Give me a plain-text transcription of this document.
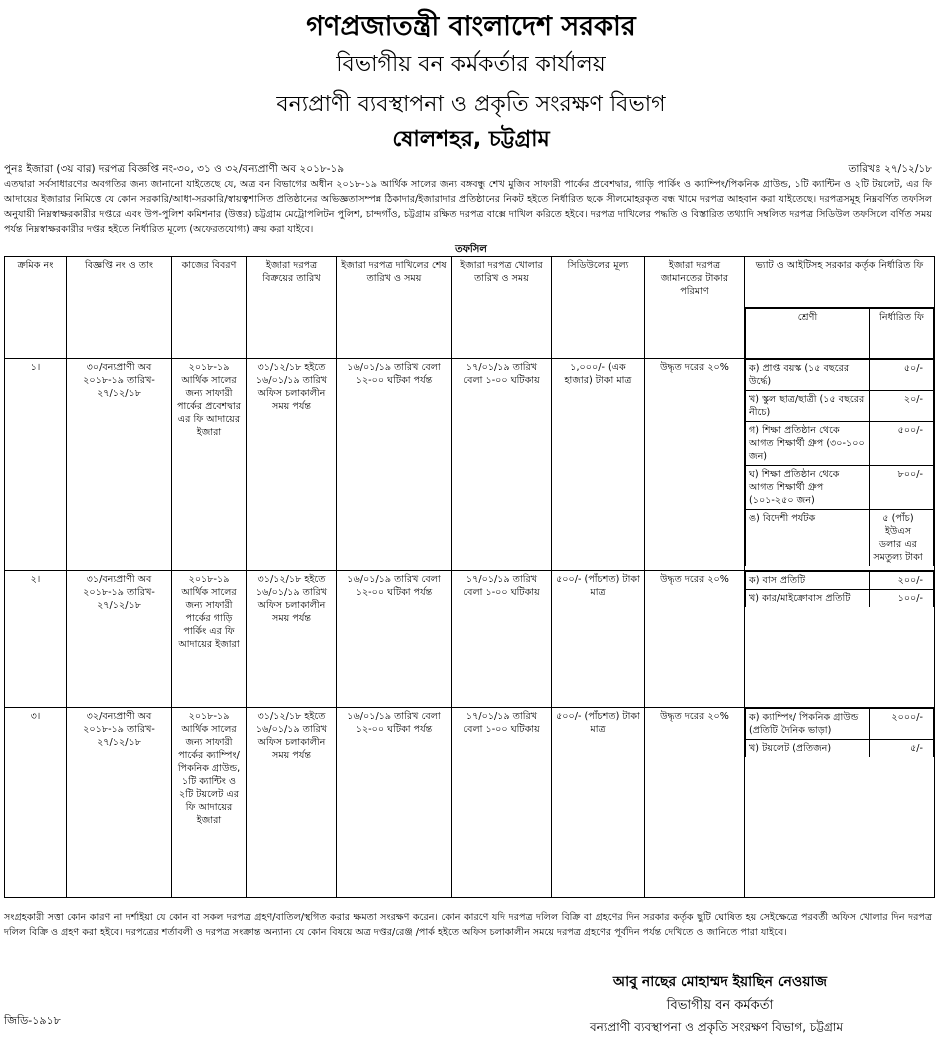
গণপ্রজাতন্ত্রী বাংলাদেশ সরকার
বিভাগীয় বন কর্মকর্তার কার্যালয়
বন্যপ্রাণী ব্যবস্থাপনা ও প্রকৃতি সংরক্ষণ বিভাগ
ষোলশহর, চট্টগ্রাম
পুনঃ ইজারা (৩য় বার) দরপত্র বিজ্ঞপ্তি নং-৩০, ৩১ ও ৩২/বন্যপ্রাণী অব ২০১৮-১৯	তারিখঃ ২৭/১২/১৮
এতদ্বারা সর্বসাধারণের অবগতির জন্য জানানো যাইতেছে যে, অত্র বন বিভাগের অধীন ২০১৮-১৯ আর্থিক সালের জন্য বঙ্গবন্ধু শেখ মুজিব সাফারী পার্কের প্রবেশদ্বার, গাড়ি পার্কিং ও ক্যাম্পিং/পিকনিক গ্রাউন্ড, ১টি ক্যান্টিন ও ২টি টয়লেট, এর ফি আদায়ের ইজারার নিমিত্তে যে কোন সরকারি/আধা-সরকারি/স্বায়ত্বশাসিত প্রতিষ্ঠানের অভিজ্ঞতাসম্পন্ন ঠিকাদার/ইজারাদার প্রতিষ্ঠানের নিকট হইতে নির্ধারিত ছকে সীলমোহরকৃত বন্ধ খামে দরপত্র আহবান করা যাইতেছে। দরপত্রসমূহ নিম্নবর্ণিত তফসিল অনুযায়ী নিম্নস্বাক্ষরকারীর দপ্তরে এবং উপ-পুলিশ কমিশনার (উত্তর) চট্টগ্রাম মেট্রোপলিটন পুলিশ, চান্দগাঁও, চট্টগ্রাম রক্ষিত দরপত্র বাক্সে দাখিল করিতে হইবে। দরপত্র দাখিলের পদ্ধতি ও বিস্তারিত তথ্যাদি সম্বলিত দরপত্র সিডিউল তফসিলে বর্ণিত সময় পর্যন্ত নিম্নস্বাক্ষরকারীর দপ্তর হইতে নির্ধারিত মূল্যে (অফেরতযোগ্য) ক্রয় করা যাইবে।
তফসিল
ক্রমিক নং	বিজ্ঞপ্তি নং ও তাং	কাজের বিবরণ	ইজারা দরপত্র বিক্রয়ের তারিখ	ইজারা দরপত্র দাখিলের শেষ তারিখ ও সময়	ইজারা দরপত্র খোলার তারিখ ও সময়	সিডিউলের মূল্য	ইজারা দরপত্র জামানতের টাকার পরিমাণ	ভ্যাট ও আইটিসহ সরকার কর্তৃক নির্ধারিত ফি

শ্রেণী	নির্ধারিত ফি

১।	৩০/বন্যপ্রাণী অব ২০১৮-১৯ তারিখ- ২৭/১২/১৮	২০১৮-১৯ আর্থিক সালের জন্য সাফারী পার্কের প্রবেশদ্বার এর ফি আদায়ের ইজারা	৩১/১২/১৮ হইতে ১৬/০১/১৯ তারিখ অফিস চলাকালীন সময় পর্যন্ত	১৬/০১/১৯ তারিখ বেলা ১২-০০ ঘটিকা পর্যন্ত	১৭/০১/১৯ তারিখ বেলা ১-০০ ঘটিকায়	১,০০০/- (এক হাজার) টাকা মাত্র	উদ্ধৃত দরের ২০%	ক) প্রাপ্ত বয়স্ক (১৫ বছরের উর্দ্ধে)	৫০/-
খ) স্কুল ছাত্র/ছাত্রী (১৫ বছরের নীচে)	২০/-
গ) শিক্ষা প্রতিষ্ঠান থেকে আগত শিক্ষার্থী গ্রুপ (৩০-১০০ জন)	৫০০/-
ঘ) শিক্ষা প্রতিষ্ঠান থেকে আগত শিক্ষার্থী গ্রুপ (১০১-২৫০ জন)	৮০০/-
ঙ) বিদেশী পর্যটক	৫ (পাঁচ) ইউএস ডলার এর সমতুল্য টাকা

২।	৩১/বন্যপ্রাণী অব ২০১৮-১৯ তারিখ- ২৭/১২/১৮	২০১৮-১৯ আর্থিক সালের জন্য সাফারী পার্কের গাড়ি পার্কিং এর ফি আদায়ের ইজারা	৩১/১২/১৮ হইতে ১৬/০১/১৯ তারিখ অফিস চলাকালীন সময় পর্যন্ত	১৬/০১/১৯ তারিখ বেলা ১২-০০ ঘটিকা পর্যন্ত	১৭/০১/১৯ তারিখ বেলা ১-০০ ঘটিকায়	৫০০/- (পাঁচশত) টাকা মাত্র	উদ্ধৃত দরের ২০%	ক) বাস প্রতিটি	২০০/-
খ) কার/মাইক্রোবাস প্রতিটি	১০০/-

৩।	৩২/বন্যপ্রাণী অব ২০১৮-১৯ তারিখ- ২৭/১২/১৮	২০১৮-১৯ আর্থিক সালের জন্য সাফারী পার্কের ক্যাম্পিং/ পিকনিক গ্রাউন্ড, ১টি ক্যান্টিং ও ২টি টয়লেট এর ফি আদায়ের ইজারা	৩১/১২/১৮ হইতে ১৬/০১/১৯ তারিখ অফিস চলাকালীন সময় পর্যন্ত	১৬/০১/১৯ তারিখ বেলা ১২-০০ ঘটিকা পর্যন্ত	১৭/০১/১৯ তারিখ বেলা ১-০০ ঘটিকায়	৫০০/- (পাঁচশত) টাকা মাত্র	উদ্ধৃত দরের ২০%	ক) ক্যাম্পিং/ পিকনিক গ্রাউন্ড (প্রতিটি দৈনিক ভাড়া)	২০০০/-
খ) টয়লেট (প্রতিজন)	৫/-
সংগ্রহকারী সত্তা কোন কারণ না দর্শাইয়া যে কোন বা সকল দরপত্র গ্রহণ/বাতিল/স্থগিত করার ক্ষমতা সংরক্ষণ করেন। কোন কারণে যদি দরপত্র দলিল বিক্রি বা গ্রহণের দিন সরকার কর্তৃক ছুটি ঘোষিত হয় সেইক্ষেত্রে পরবর্তী অফিস খোলার দিন দরপত্র দলিল বিক্রি ও গ্রহণ করা হইবে। দরপত্রের শর্তাবলী ও দরপত্র সংক্রান্ত অন্যান্য যে কোন বিষয়ে অত্র দপ্তর/রেঞ্জ /পার্ক হইতে অফিস চলাকালীন সময়ে দরপত্র গ্রহণের পূর্বদিন পর্যন্ত দেখিতে ও জানিতে পারা যাইবে।
আবু নাছের মোহাম্মদ ইয়াছিন নেওয়াজ
বিভাগীয় বন কর্মকর্তা
বন্যপ্রাণী ব্যবস্থাপনা ও প্রকৃতি সংরক্ষণ বিভাগ, চট্টগ্রাম
জিডি-১৯১৮
